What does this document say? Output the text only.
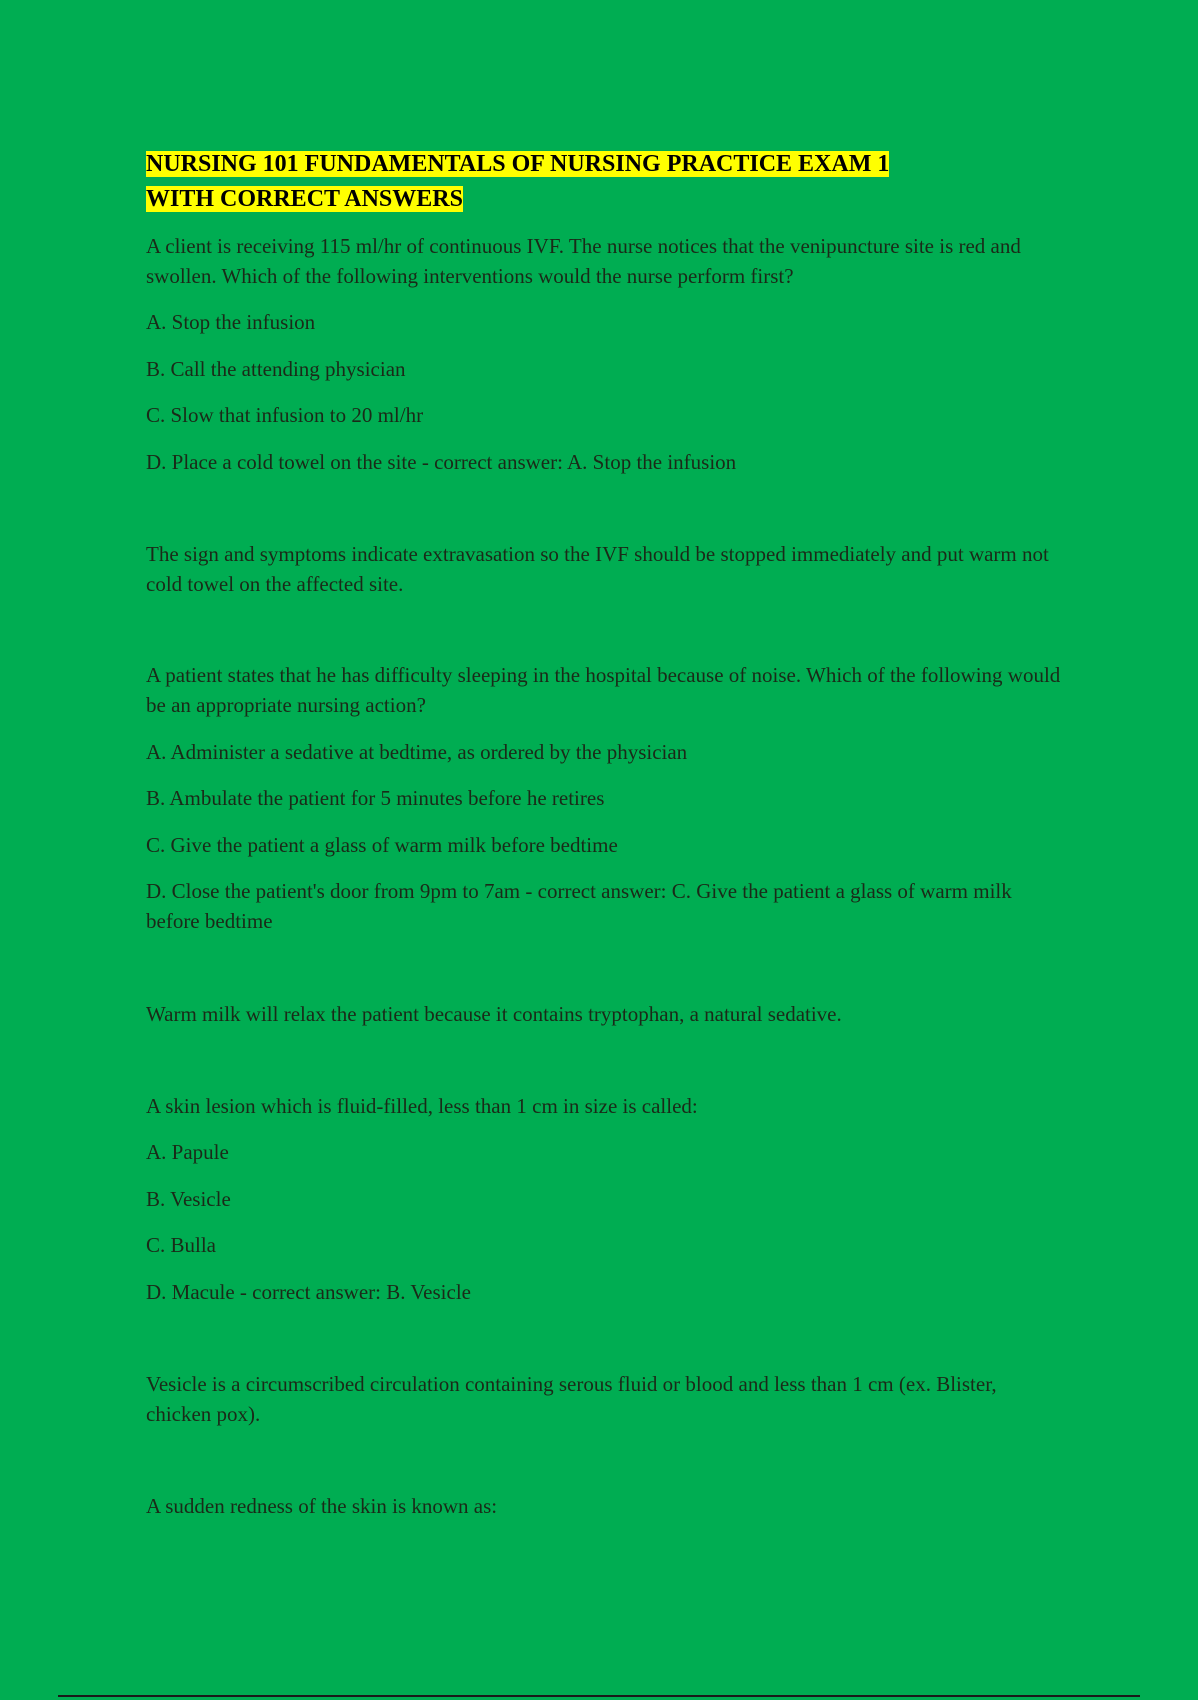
NURSING 101 FUNDAMENTALS OF NURSING PRACTICE EXAM 1
WITH CORRECT ANSWERS

A client is receiving 115 ml/hr of continuous IVF. The nurse notices that the venipuncture site is red and swollen. Which of the following interventions would the nurse perform first?

A. Stop the infusion

B. Call the attending physician

C. Slow that infusion to 20 ml/hr

D. Place a cold towel on the site - correct answer: A. Stop the infusion

The sign and symptoms indicate extravasation so the IVF should be stopped immediately and put warm not cold towel on the affected site.

A patient states that he has difficulty sleeping in the hospital because of noise. Which of the following would be an appropriate nursing action?

A. Administer a sedative at bedtime, as ordered by the physician

B. Ambulate the patient for 5 minutes before he retires

C. Give the patient a glass of warm milk before bedtime

D. Close the patient's door from 9pm to 7am - correct answer: C. Give the patient a glass of warm milk before bedtime

Warm milk will relax the patient because it contains tryptophan, a natural sedative.

A skin lesion which is fluid-filled, less than 1 cm in size is called:

A. Papule

B. Vesicle

C. Bulla

D. Macule - correct answer: B. Vesicle

Vesicle is a circumscribed circulation containing serous fluid or blood and less than 1 cm (ex. Blister, chicken pox).

A sudden redness of the skin is known as:
